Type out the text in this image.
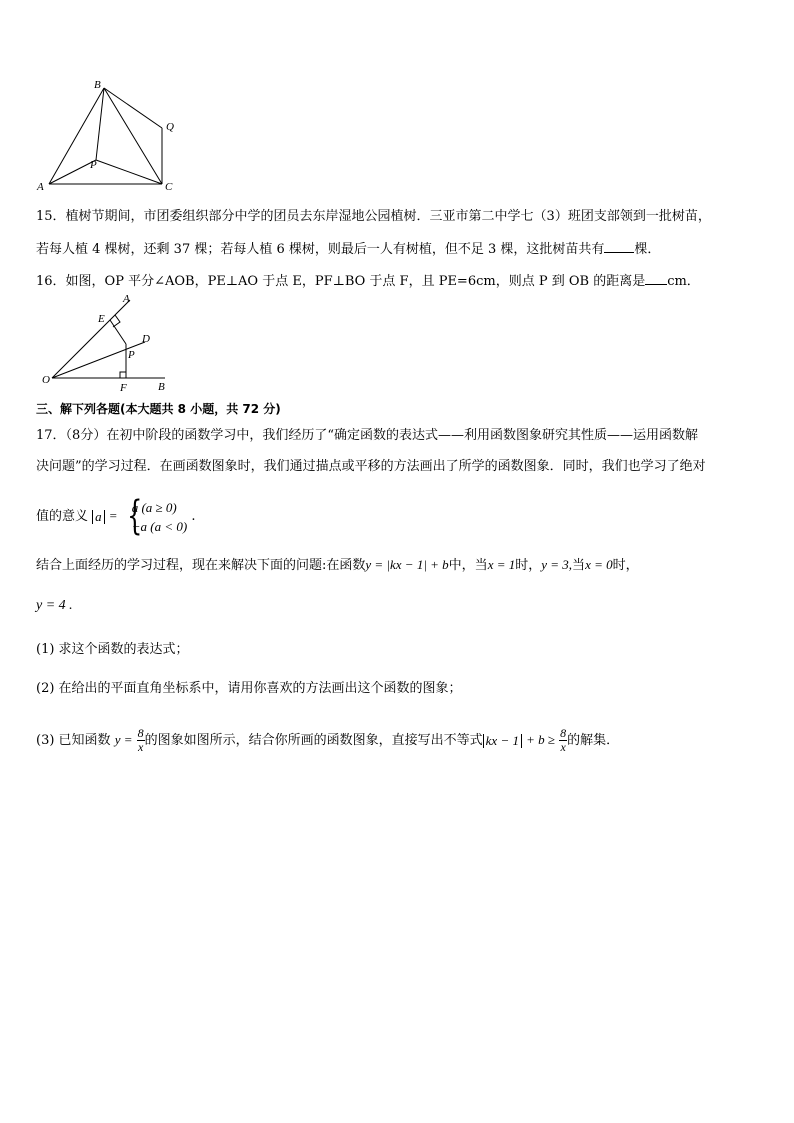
B
Q
P
A	C
15．植树节期间，市团委组织部分中学的团员去东岸湿地公园植树．三亚市第二中学七（3）班团支部领到一批树苗，
若每人植 4 棵树，还剩 37 棵；若每人植 6 棵树，则最后一人有树植，但不足 3 棵，这批树苗共有 棵．
16．如图，OP 平分∠AOB，PE⊥AO 于点 E，PF⊥BO 于点 F，且 PE=6cm，则点 P 到 OB 的距离是 cm．
A
E
D
P
O
F	B
三、解下列各题(本大题共 8 小题，共 72 分)
17．（8分）在初中阶段的函数学习中，我们经历了“确定函数的表达式——利用函数图象研究其性质——运用函数解
决问题”的学习过程．在画函数图象时，我们通过描点或平移的方法画出了所学的函数图象．同时，我们也学习了绝对
值的意义 a = {
a (a ≥ 0)
−a (a < 0)
.
结合上面经历的学习过程，现在来解决下面的问题:在函数y = |kx − 1| + b中，当x = 1时，y = 3,当x = 0时，
y = 4 .
(1) 求这个函数的表达式；
(2) 在给出的平面直角坐标系中，请用你喜欢的方法画出这个函数的图象；
(3) 已知函数 $y = \frac{8}{x}$ 的图象如图所示，结合你所画的函数图象，直接写出不等式 kx − $1 + b \ge \frac{8}{x}$ 的解集．
